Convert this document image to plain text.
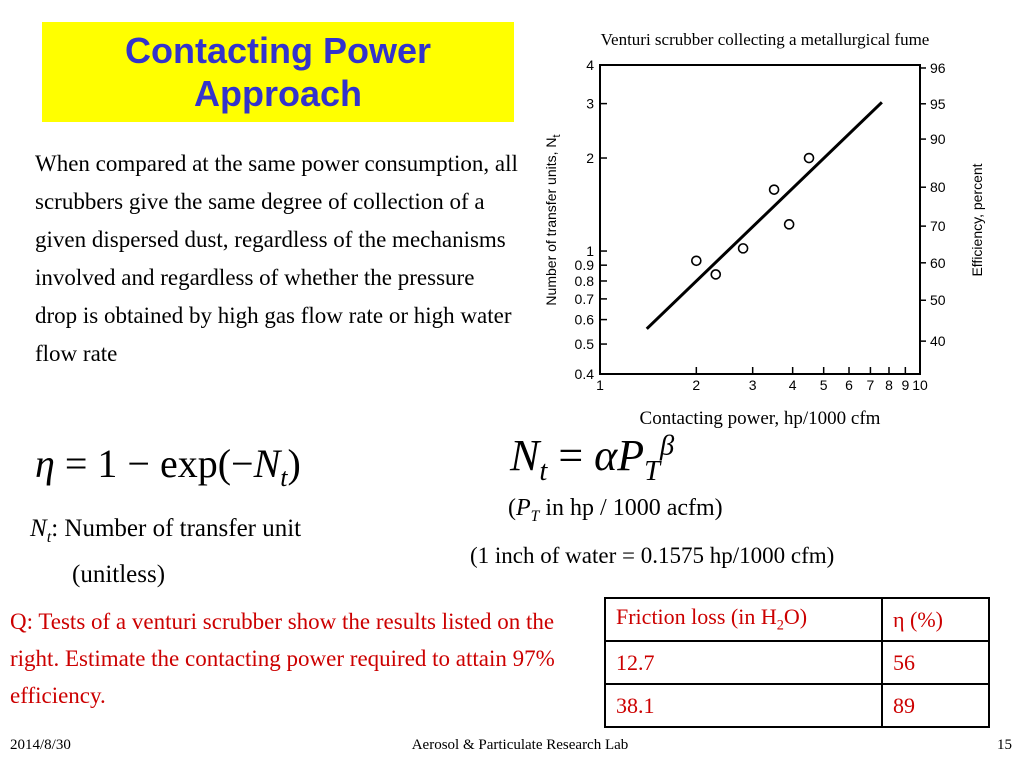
Contacting Power
Approach
When compared at the same power consumption, all scrubbers give the same degree of collection of a given dispersed dust, regardless of the mechanisms involved and regardless of whether the pressure drop is obtained by high gas flow rate or high water flow rate
Venturi scrubber collecting a metallurgical fume
1	2	3 4 5 6 7 8 9 10
0.4
0.5
0.6
0.7
0.8
0.9
1
2
3
4
40
50
60
70
80
90
95
96
Number of transfer units, $N_t$
Efficiency, percent
Contacting power, hp/1000 cfm
$\eta = 1 - \exp(-N_t)$	$N_t = \alpha P_T^\beta$
($P_T$ in hp / 1000 acfm)
(1 inch of water = 0.1575 hp/1000 cfm)
$N_t$: Number of transfer unit
(unitless)
Q: Tests of a venturi scrubber show the results listed on the right. Estimate the contacting power required to attain 97% efficiency.
Friction loss (in $H_2O$)	η (%)
12.7	56
38.1	89
2014/8/30	Aerosol & Particulate Research Lab	15
